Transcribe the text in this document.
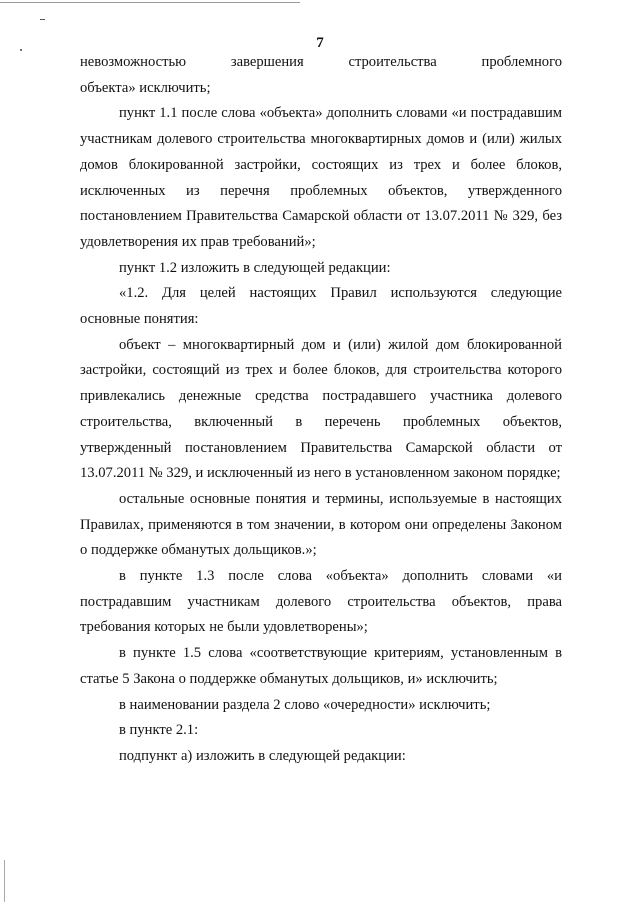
7

невозможностью завершения строительства проблемного

объекта» исключить;

пункт 1.1 после слова «объекта» дополнить словами «и пострадавшим участникам долевого строительства многоквартирных домов и (или) жилых домов блокированной застройки, состоящих из трех и более блоков, исключенных из перечня проблемных объектов, утвержденного постановлением Правительства Самарской области от 13.07.2011 № 329, без удовлетворения их прав требований»;

пункт 1.2 изложить в следующей редакции:

«1.2. Для целей настоящих Правил используются следующие основные понятия:

объект – многоквартирный дом и (или) жилой дом блокированной застройки, состоящий из трех и более блоков, для строительства которого привлекались денежные средства пострадавшего участника долевого строительства, включенный в перечень проблемных объектов, утвержденный постановлением Правительства Самарской области от 13.07.2011 № 329, и исключенный из него в установленном законом порядке;

остальные основные понятия и термины, используемые в настоящих Правилах, применяются в том значении, в котором они определены Законом о поддержке обманутых дольщиков.»;

в пункте 1.3 после слова «объекта» дополнить словами «и пострадавшим участникам долевого строительства объектов, права требования которых не были удовлетворены»;

в пункте 1.5 слова «соответствующие критериям, установленным в статье 5 Закона о поддержке обманутых дольщиков, и» исключить;

в наименовании раздела 2 слово «очередности» исключить;

в пункте 2.1:

подпункт а) изложить в следующей редакции:
